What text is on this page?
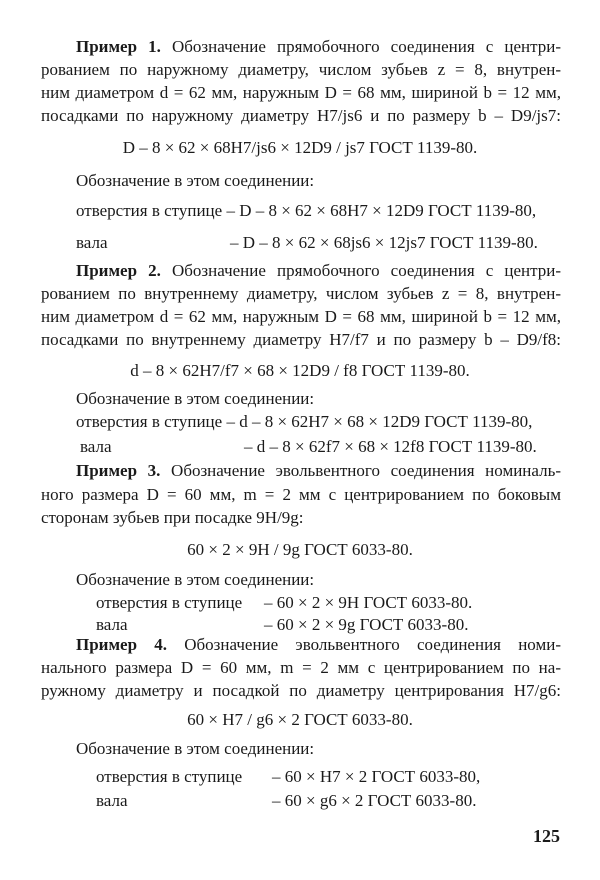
Пример 1. Обозначение прямобочного соединения с центри-
рованием по наружному диаметру, числом зубьев z = 8, внутрен-
ним диаметром d = 62 мм, наружным D = 68 мм, шириной b = 12 мм,
посадками по наружному диаметру H7/js6 и по размеру b – D9/js7:
D – 8 × 62 × 68H7/js6 × 12D9 / js7 ГОСТ 1139-80.
Обозначение в этом соединении:
отверстия в ступице – D – 8 × 62 × 68H7 × 12D9 ГОСТ 1139-80,
вала	– D – 8 × 62 × 68js6 × 12js7 ГОСТ 1139-80.
Пример 2. Обозначение прямобочного соединения с центри-
рованием по внутреннему диаметру, числом зубьев z = 8, внутрен-
ним диаметром d = 62 мм, наружным D = 68 мм, шириной b = 12 мм,
посадками по внутреннему диаметру H7/f7 и по размеру b – D9/f8:
d – 8 × 62H7/f7 × 68 × 12D9 / f8 ГОСТ 1139-80.
Обозначение в этом соединении:
отверстия в ступице – d – 8 × 62H7 × 68 × 12D9 ГОСТ 1139-80,
вала	– d – 8 × 62f7 × 68 × 12f8 ГОСТ 1139-80.
Пример 3. Обозначение эвольвентного соединения номиналь-
ного размера D = 60 мм, m = 2 мм с центрированием по боковым
сторонам зубьев при посадке 9H/9g:
60 × 2 × 9H / 9g ГОСТ 6033-80.
Обозначение в этом соединении:
отверстия в ступице – 60 × 2 × 9H ГОСТ 6033-80.
вала	– 60 × 2 × 9g ГОСТ 6033-80.
Пример 4. Обозначение эвольвентного соединения номи-
нального размера D = 60 мм, m = 2 мм с центрированием по на-
ружному диаметру и посадкой по диаметру центрирования H7/g6:
60 × H7 / g6 × 2 ГОСТ 6033-80.
Обозначение в этом соединении:
отверстия в ступице – 60 × H7 × 2 ГОСТ 6033-80,
вала	– 60 × g6 × 2 ГОСТ 6033-80.
125
